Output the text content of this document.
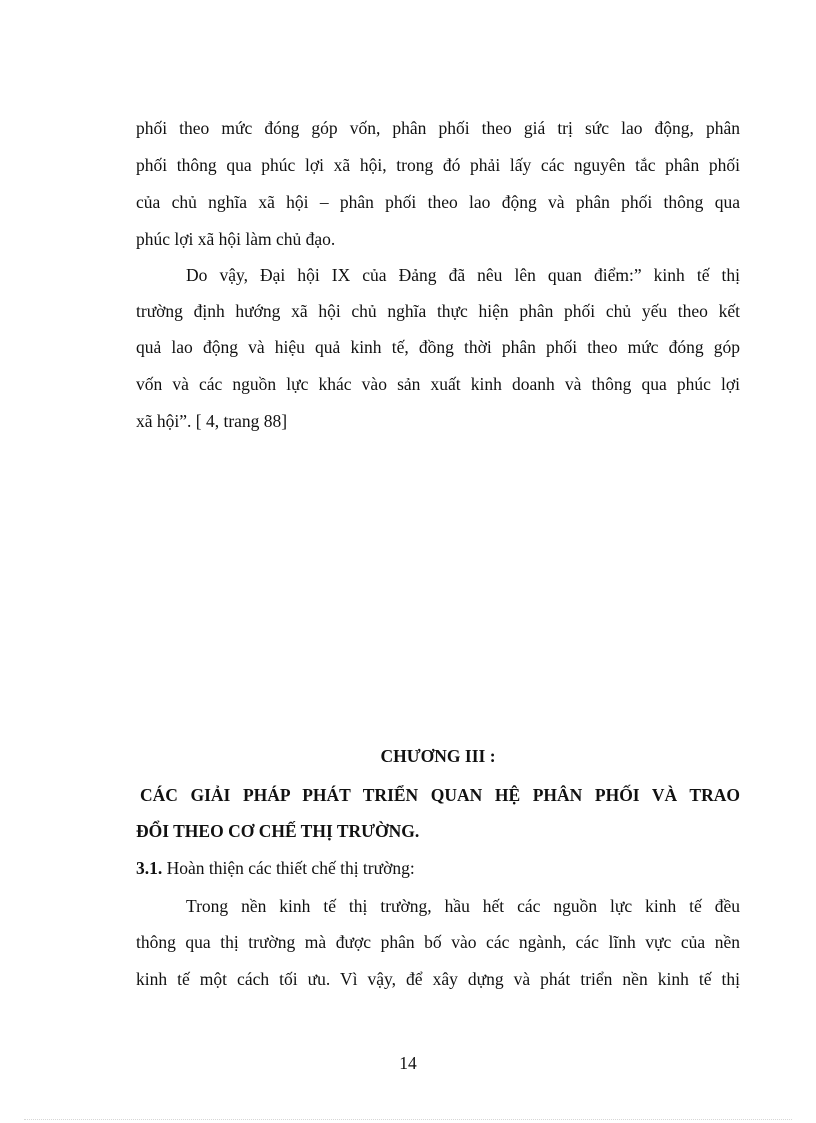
phối theo mức đóng góp vốn, phân phối theo giá trị sức lao động, phân
phối thông qua phúc lợi xã hội, trong đó phải lấy các nguyên tắc phân phối
của chủ nghĩa xã hội – phân phối theo lao động và phân phối thông qua
phúc lợi xã hội làm chủ đạo.
Do vậy, Đại hội IX của Đảng đã nêu lên quan điểm:” kinh tế thị
trường định hướng xã hội chủ nghĩa thực hiện phân phối chủ yếu theo kết
quả lao động và hiệu quả kinh tế, đồng thời phân phối theo mức đóng góp
vốn và các nguồn lực khác vào sản xuất kinh doanh và thông qua phúc lợi
xã hội”. [ 4, trang 88]
CHƯƠNG III :
CÁC GIẢI PHÁP PHÁT TRIỂN QUAN HỆ PHÂN PHỐI VÀ TRAO
ĐỔI THEO CƠ CHẾ THỊ TRƯỜNG.
3.1. Hoàn thiện các thiết chế thị trường:
Trong nền kinh tế thị trường, hầu hết các nguồn lực kinh tế đều
thông qua thị trường mà được phân bố vào các ngành, các lĩnh vực của nền
kinh tế một cách tối ưu. Vì vậy, để xây dựng và phát triển nền kinh tế thị
14
